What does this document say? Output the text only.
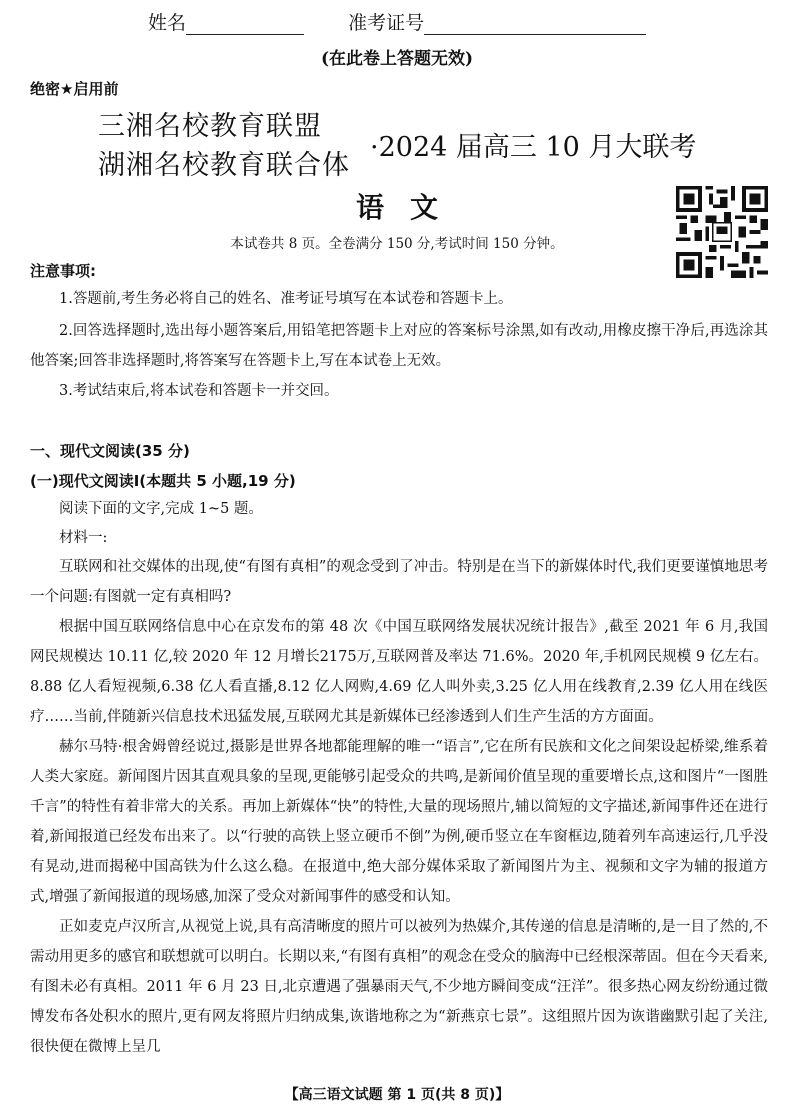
姓名	准考证号
(在此卷上答题无效)
绝密★启用前
三湘名校教育联盟
湖湘名校教育联合体
·2024 届高三 10 月大联考
语文
本试卷共 8 页。全卷满分 150 分,考试时间 150 分钟。
注意事项:

1.答题前,考生务必将自己的姓名、准考证号填写在本试卷和答题卡上。

2.回答选择题时,选出每小题答案后,用铅笔把答题卡上对应的答案标号涂黑,如有改动,用橡皮擦干净后,再选涂其他答案;回答非选择题时,将答案写在答题卡上,写在本试卷上无效。

3.考试结束后,将本试卷和答题卡一并交回。

一、现代文阅读(35 分)
(一)现代文阅读Ⅰ(本题共 5 小题,19 分)

阅读下面的文字,完成 1~5 题。

材料一:

互联网和社交媒体的出现,使“有图有真相”的观念受到了冲击。特别是在当下的新媒体时代,我们更要谨慎地思考一个问题:有图就一定有真相吗?

根据中国互联网络信息中心在京发布的第 48 次《中国互联网络发展状况统计报告》,截至 2021 年 6 月,我国网民规模达 10.11 亿,较 2020 年 12 月增长2175万,互联网普及率达 71.6%。2020 年,手机网民规模 9 亿左右。8.88 亿人看短视频,6.38 亿人看直播,8.12 亿人网购,4.69 亿人叫外卖,3.25 亿人用在线教育,2.39 亿人用在线医疗……当前,伴随新兴信息技术迅猛发展,互联网尤其是新媒体已经渗透到人们生产生活的方方面面。

赫尔马特·根舍姆曾经说过,摄影是世界各地都能理解的唯一“语言”,它在所有民族和文化之间架设起桥梁,维系着人类大家庭。新闻图片因其直观具象的呈现,更能够引起受众的共鸣,是新闻价值呈现的重要增长点,这和图片“一图胜千言”的特性有着非常大的关系。再加上新媒体“快”的特性,大量的现场照片,辅以简短的文字描述,新闻事件还在进行着,新闻报道已经发布出来了。以“行驶的高铁上竖立硬币不倒”为例,硬币竖立在车窗框边,随着列车高速运行,几乎没有晃动,进而揭秘中国高铁为什么这么稳。在报道中,绝大部分媒体采取了新闻图片为主、视频和文字为辅的报道方式,增强了新闻报道的现场感,加深了受众对新闻事件的感受和认知。

正如麦克卢汉所言,从视觉上说,具有高清晰度的照片可以被列为热媒介,其传递的信息是清晰的,是一目了然的,不需动用更多的感官和联想就可以明白。长期以来,“有图有真相”的观念在受众的脑海中已经根深蒂固。但在今天看来,有图未必有真相。2011 年 6 月 23 日,北京遭遇了强暴雨天气,不少地方瞬间变成“汪洋”。很多热心网友纷纷通过微博发布各处积水的照片,更有网友将照片归纳成集,诙谐地称之为“新燕京七景”。这组照片因为诙谐幽默引起了关注,很快便在微博上呈几

【高三语文试题 第 1 页(共 8 页)】
